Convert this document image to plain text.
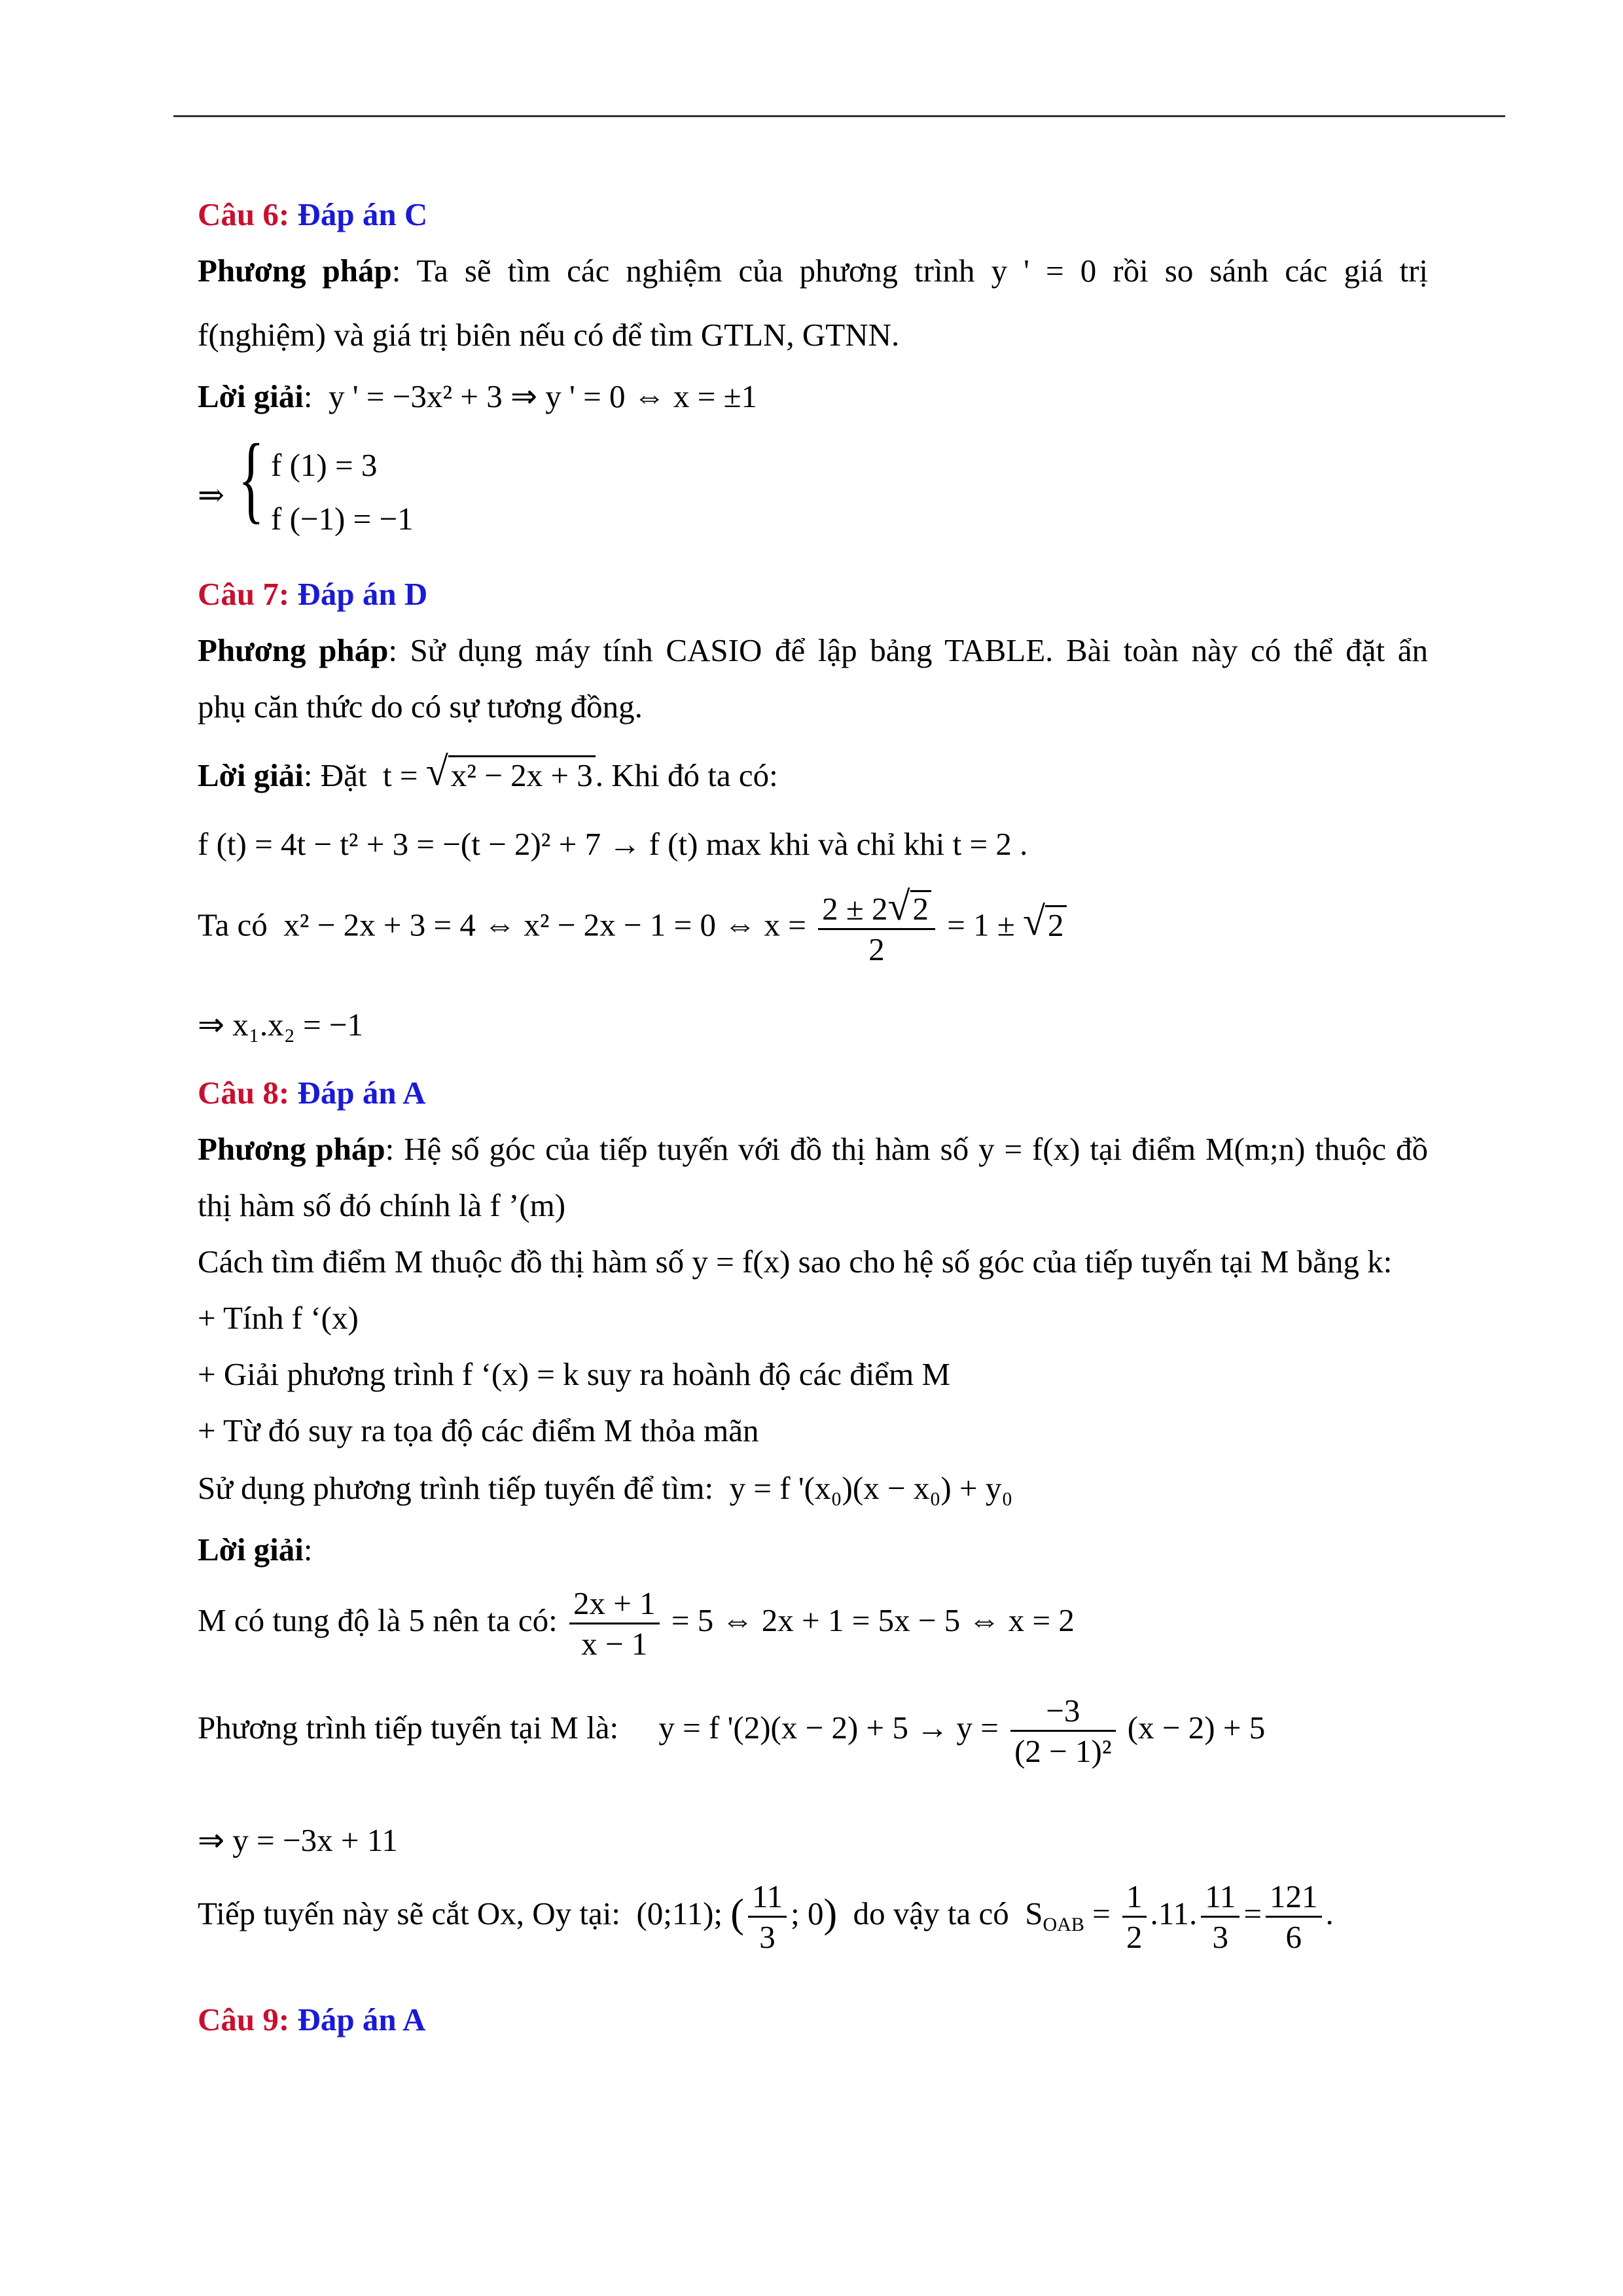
Câu 6: Đáp án C
Phương pháp: Ta sẽ tìm các nghiệm của phương trình y ' = 0 rồi so sánh các giá trị
f(nghiệm) và giá trị biên nếu có để tìm GTLN, GTNN.
Lời giải:  y ' = −3x² + 3 ⇒ y ' = 0 ⇔ x = ±1
⇒ { f (1) = 3
f (−1) = −1
Câu 7: Đáp án D
Phương pháp: Sử dụng máy tính CASIO để lập bảng TABLE. Bài toàn này có thể đặt ẩn
phụ căn thức do có sự tương đồng.
Lời giải: Đặt t = √ x² − 2x + 3. Khi đó ta có:
f (t) = 4t − t² + 3 = −(t − 2)² + 7 → f (t) max khi và chỉ khi t = 2 .
Ta có x² − 2x + 3 = 4 ⇔ x² − 2x − 1 = 0 ⇔ $x = \frac{2 \pm 2 √ 2}{2} = 1$ ± √ 2
⇒ x₁.x₂ = −1
Câu 8: Đáp án A
Phương pháp: Hệ số góc của tiếp tuyến với đồ thị hàm số y = f(x) tại điểm M(m;n) thuộc đồ
thị hàm số đó chính là f ’(m)
Cách tìm điểm M thuộc đồ thị hàm số y = f(x) sao cho hệ số góc của tiếp tuyến tại M bằng k:
+ Tính f ‘(x)
+ Giải phương trình f ‘(x) = k suy ra hoành độ các điểm M
+ Từ đó suy ra tọa độ các điểm M thỏa mãn
Sử dụng phương trình tiếp tuyến để tìm: y = f '(x₀)(x − x₀) + y₀
Lời giải:
M có tung độ là 5 nên ta có: $\frac{2x + 1}{x - 1} = 5$ ⇔ 2x + 1 = 5x − 5 ⇔ x = 2
Phương trình tiếp tuyến tại M là: y = f '$(2)(x - 2) + 5 \to y = \frac{-3}{\text{(2 − 1)²}} (x - 2) + 5$
⇒ y = −3x + 11
Tiếp tuyến này sẽ cắt Ox, Oy tại: (0;11); ( $\frac{11}{3}$ ; 0) do vậy ta có $S_{OAB} = \frac{1}{2} .11$. $\frac{11}{3} = \frac{121}{6}$ .
Câu 9: Đáp án A
